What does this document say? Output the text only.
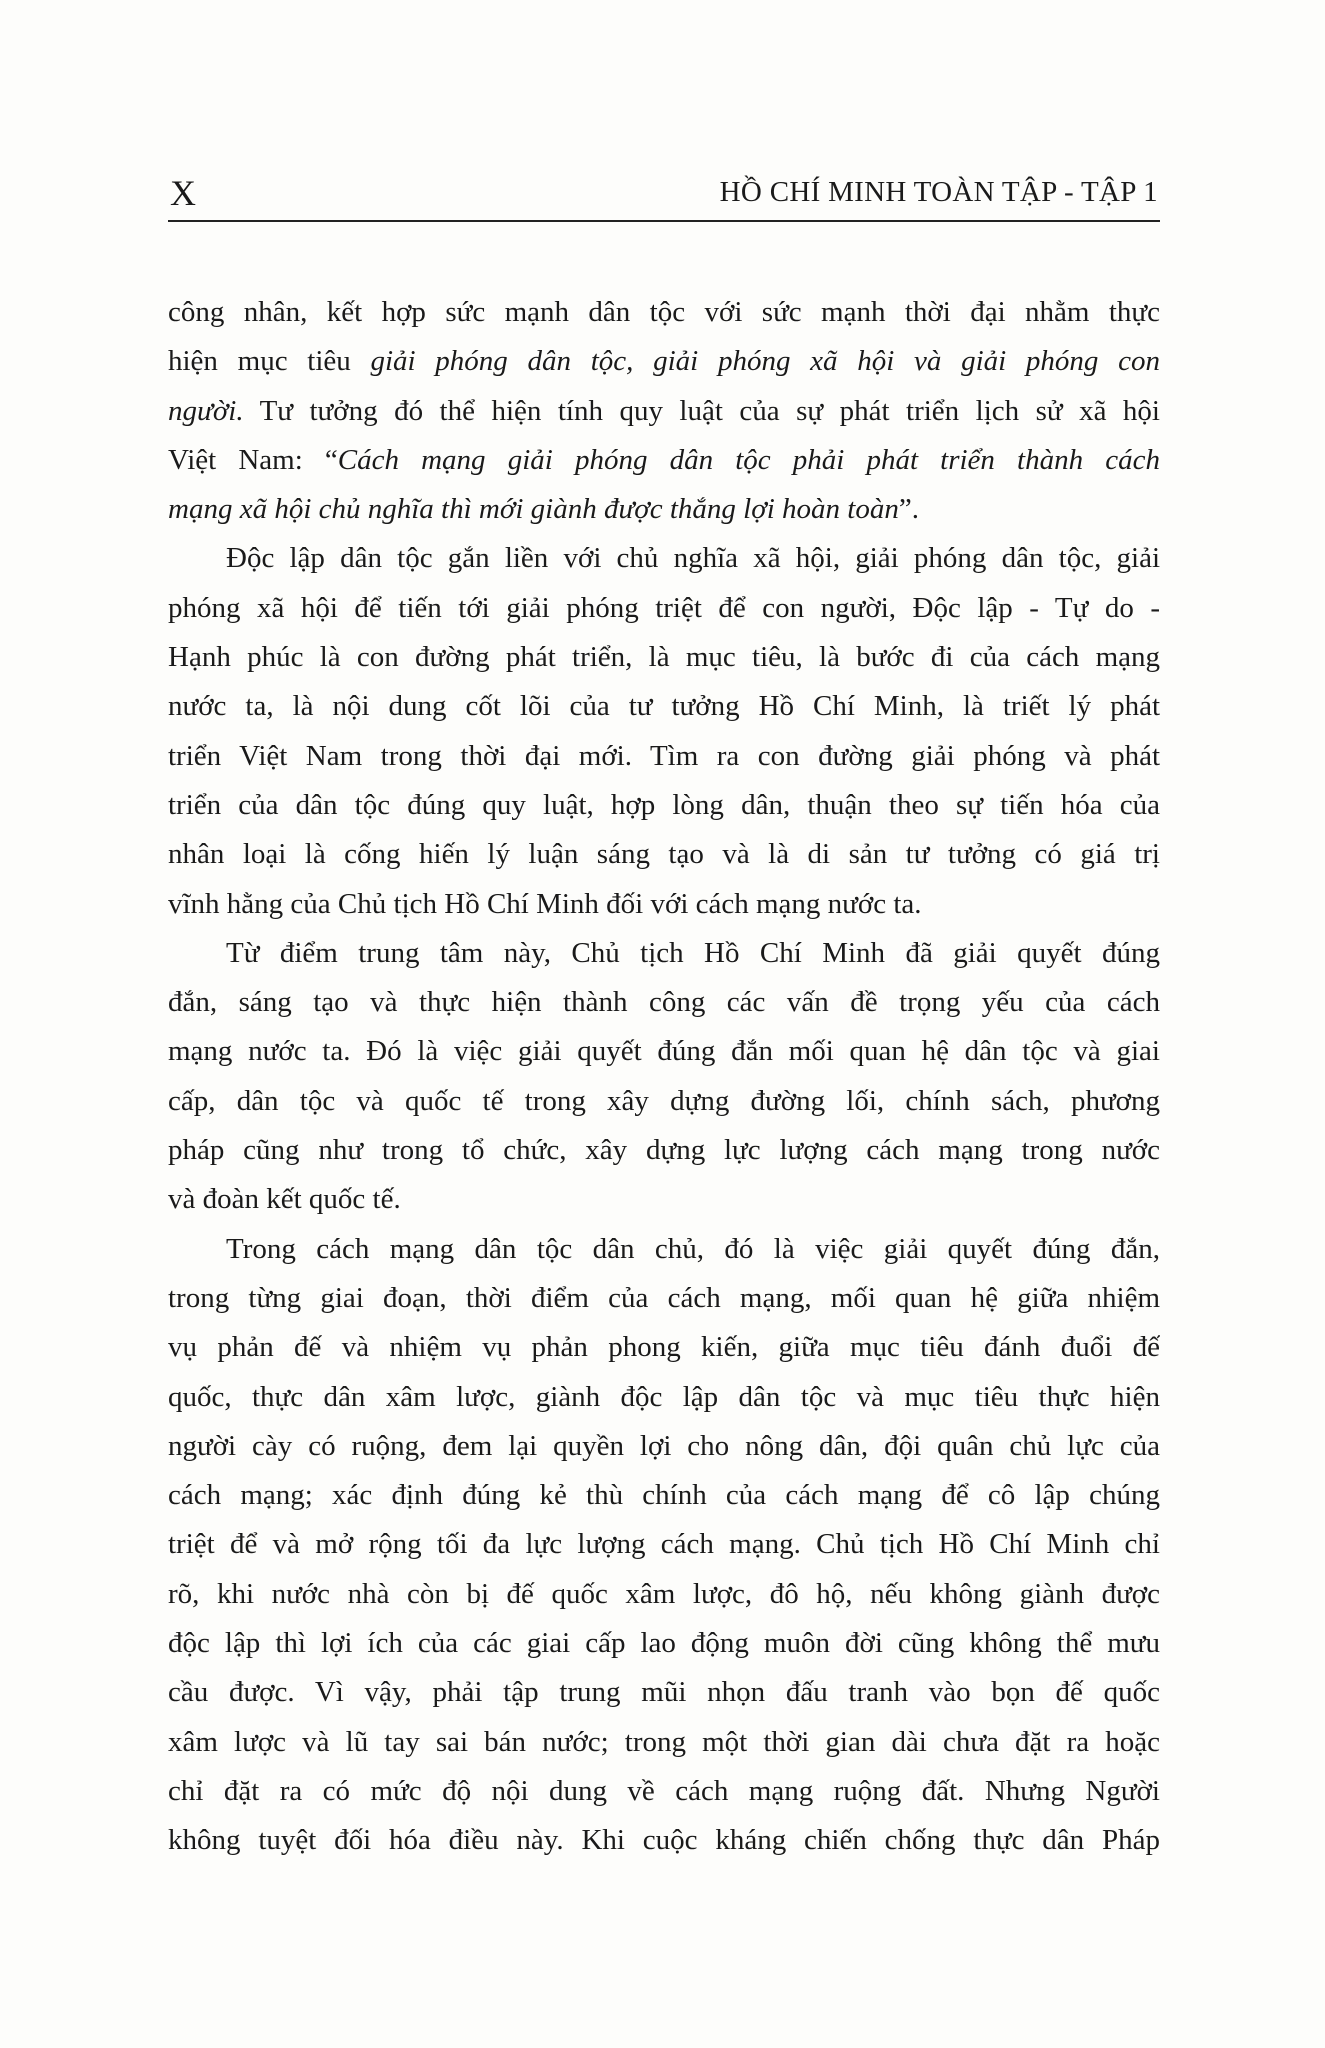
X	HỒ CHÍ MINH TOÀN TẬP - TẬP 1
công nhân, kết hợp sức mạnh dân tộc với sức mạnh thời đại nhằm thực
hiện mục tiêu giải phóng dân tộc, giải phóng xã hội và giải phóng con
người. Tư tưởng đó thể hiện tính quy luật của sự phát triển lịch sử xã hội
Việt Nam: “Cách mạng giải phóng dân tộc phải phát triển thành cách
mạng xã hội chủ nghĩa thì mới giành được thắng lợi hoàn toàn”.
Độc lập dân tộc gắn liền với chủ nghĩa xã hội, giải phóng dân tộc, giải
phóng xã hội để tiến tới giải phóng triệt để con người, Độc lập - Tự do -
Hạnh phúc là con đường phát triển, là mục tiêu, là bước đi của cách mạng
nước ta, là nội dung cốt lõi của tư tưởng Hồ Chí Minh, là triết lý phát
triển Việt Nam trong thời đại mới. Tìm ra con đường giải phóng và phát
triển của dân tộc đúng quy luật, hợp lòng dân, thuận theo sự tiến hóa của
nhân loại là cống hiến lý luận sáng tạo và là di sản tư tưởng có giá trị
vĩnh hằng của Chủ tịch Hồ Chí Minh đối với cách mạng nước ta.
Từ điểm trung tâm này, Chủ tịch Hồ Chí Minh đã giải quyết đúng
đắn, sáng tạo và thực hiện thành công các vấn đề trọng yếu của cách
mạng nước ta. Đó là việc giải quyết đúng đắn mối quan hệ dân tộc và giai
cấp, dân tộc và quốc tế trong xây dựng đường lối, chính sách, phương
pháp cũng như trong tổ chức, xây dựng lực lượng cách mạng trong nước
và đoàn kết quốc tế.
Trong cách mạng dân tộc dân chủ, đó là việc giải quyết đúng đắn,
trong từng giai đoạn, thời điểm của cách mạng, mối quan hệ giữa nhiệm
vụ phản đế và nhiệm vụ phản phong kiến, giữa mục tiêu đánh đuổi đế
quốc, thực dân xâm lược, giành độc lập dân tộc và mục tiêu thực hiện
người cày có ruộng, đem lại quyền lợi cho nông dân, đội quân chủ lực của
cách mạng; xác định đúng kẻ thù chính của cách mạng để cô lập chúng
triệt để và mở rộng tối đa lực lượng cách mạng. Chủ tịch Hồ Chí Minh chỉ
rõ, khi nước nhà còn bị đế quốc xâm lược, đô hộ, nếu không giành được
độc lập thì lợi ích của các giai cấp lao động muôn đời cũng không thể mưu
cầu được. Vì vậy, phải tập trung mũi nhọn đấu tranh vào bọn đế quốc
xâm lược và lũ tay sai bán nước; trong một thời gian dài chưa đặt ra hoặc
chỉ đặt ra có mức độ nội dung về cách mạng ruộng đất. Nhưng Người
không tuyệt đối hóa điều này. Khi cuộc kháng chiến chống thực dân Pháp
